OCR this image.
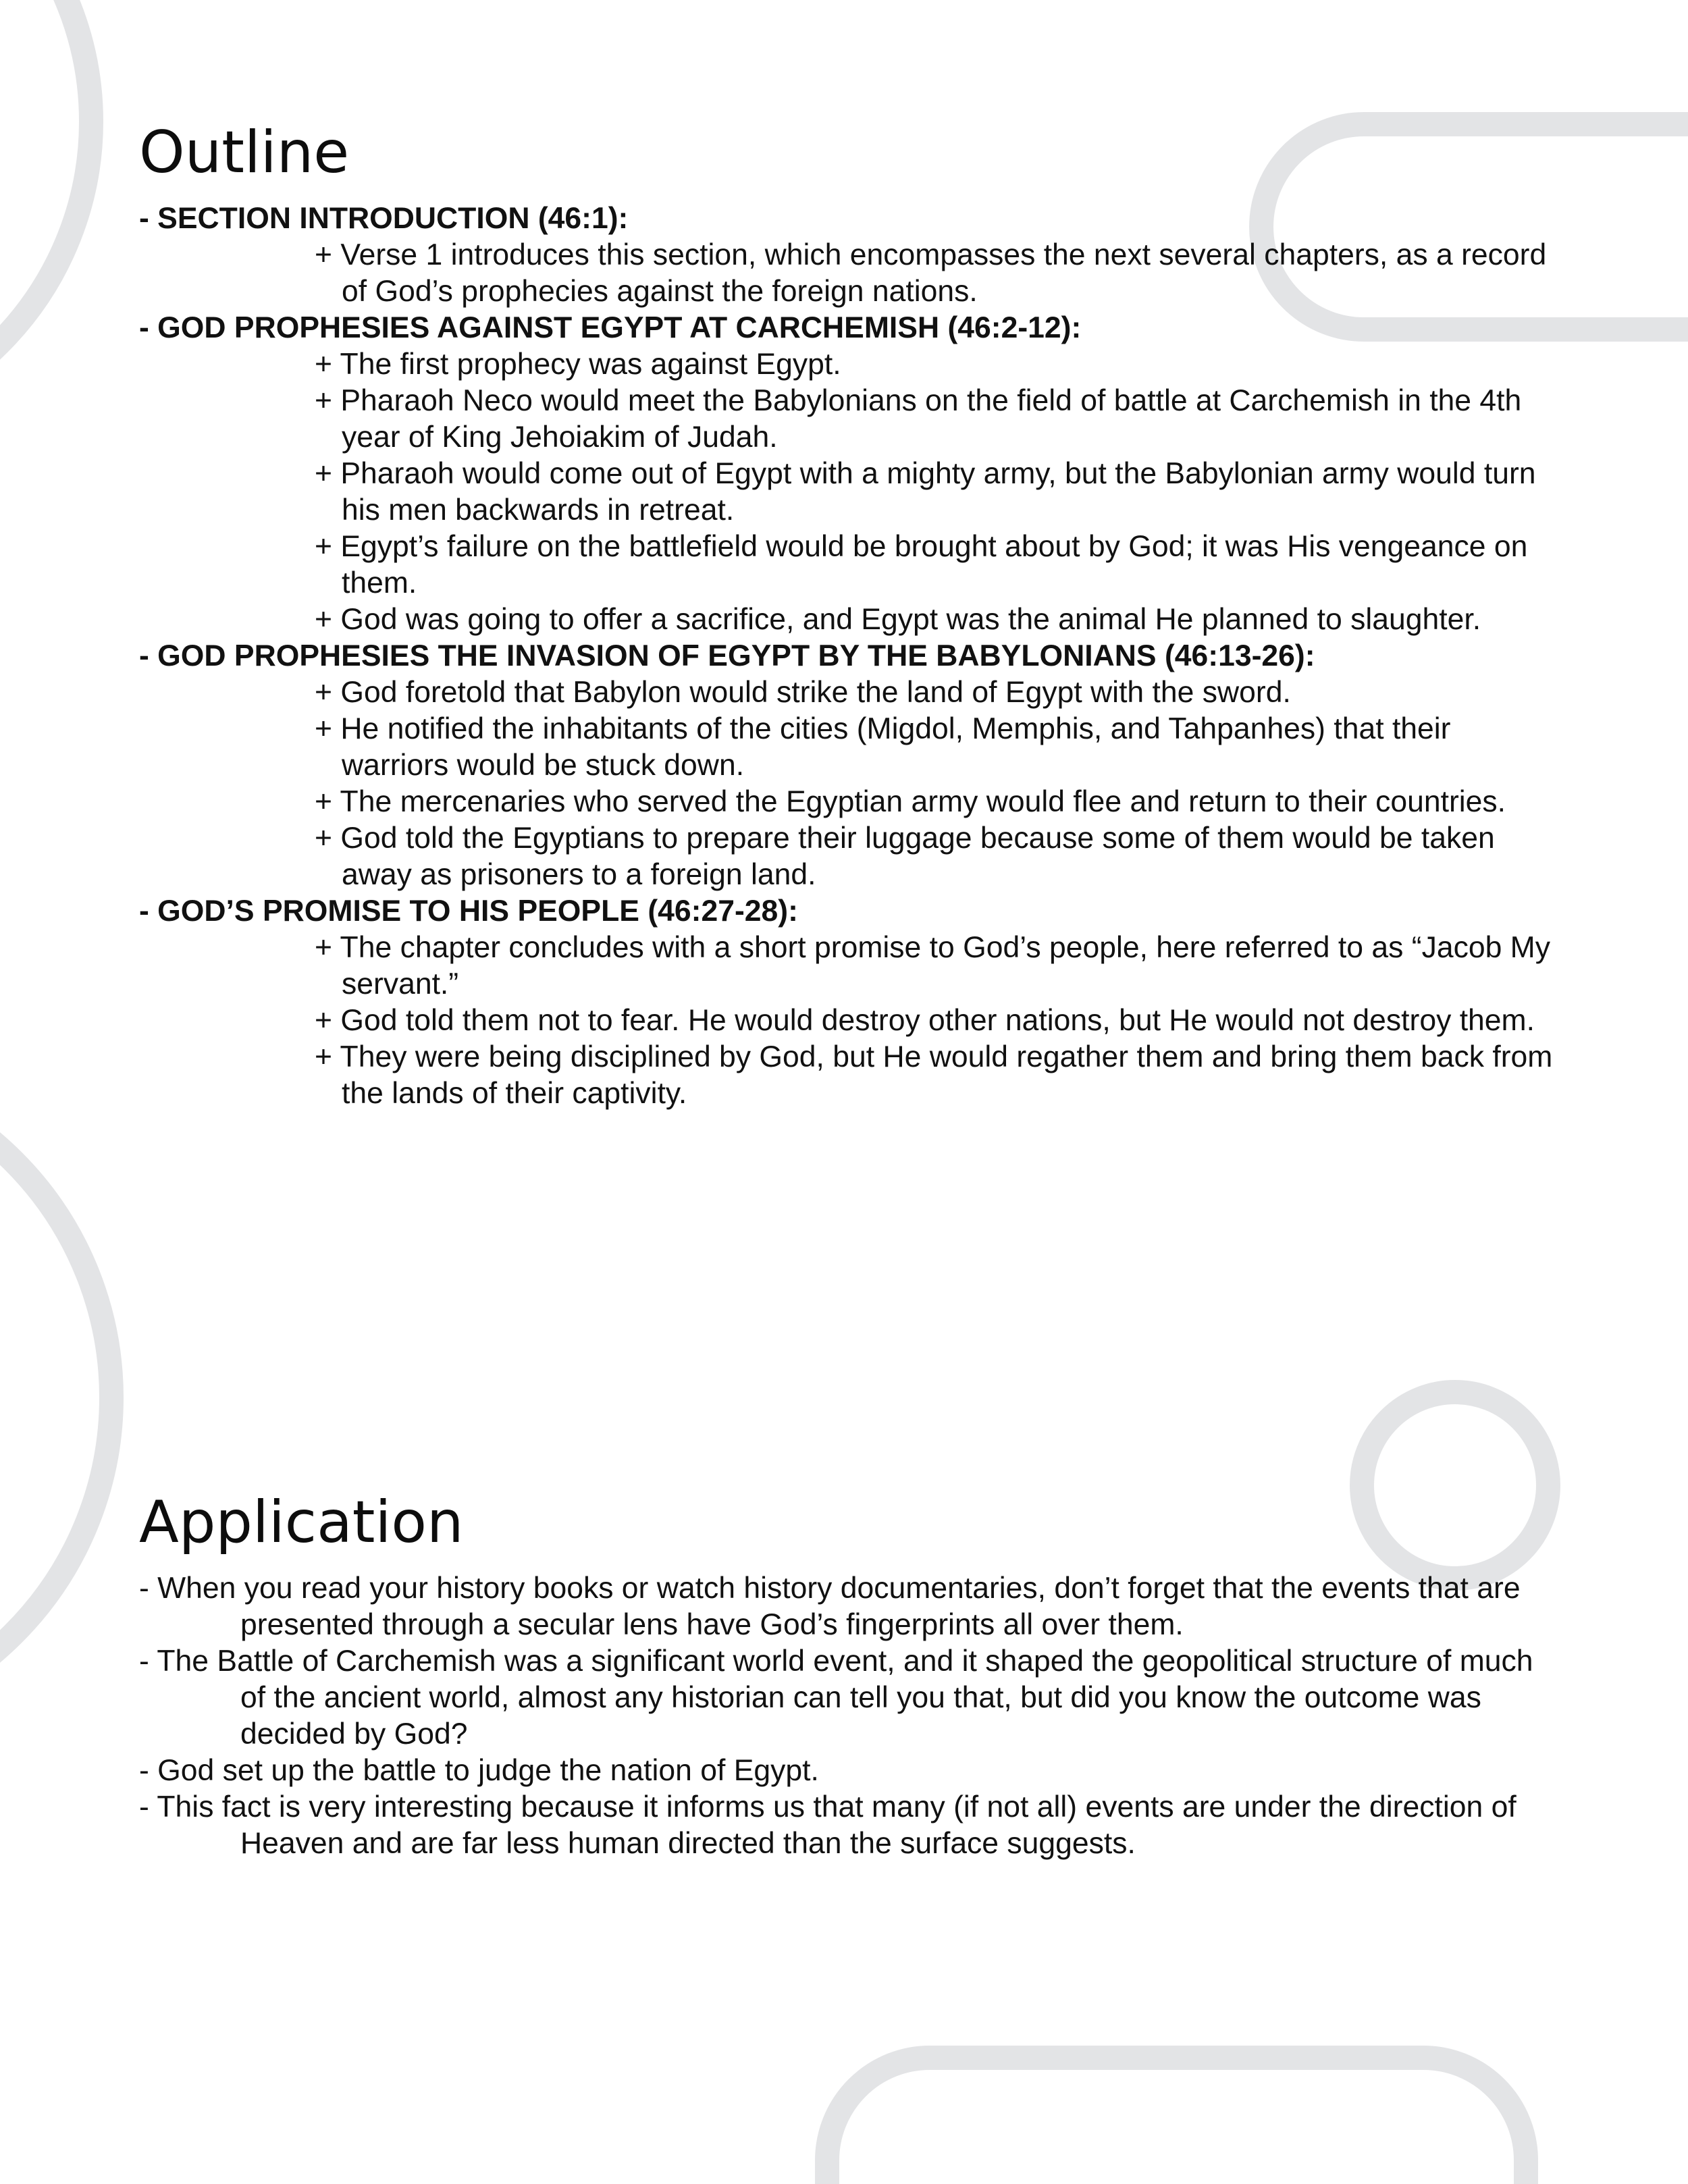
Outline
- SECTION INTRODUCTION (46:1):
+ Verse 1 introduces this section, which encompasses the next several chapters, as a record of God’s prophecies against the foreign nations.
- GOD PROPHESIES AGAINST EGYPT AT CARCHEMISH (46:2-12):
+ The first prophecy was against Egypt.
+ Pharaoh Neco would meet the Babylonians on the field of battle at Carchemish in the 4th year of King Jehoiakim of Judah.
+ Pharaoh would come out of Egypt with a mighty army, but the Babylonian army would turn his men backwards in retreat.
+ Egypt’s failure on the battlefield would be brought about by God; it was His vengeance on them.
+ God was going to offer a sacrifice, and Egypt was the animal He planned to slaughter.
- GOD PROPHESIES THE INVASION OF EGYPT BY THE BABYLONIANS (46:13-26):
+ God foretold that Babylon would strike the land of Egypt with the sword.
+ He notified the inhabitants of the cities (Migdol, Memphis, and Tahpanhes) that their warriors would be stuck down.
+ The mercenaries who served the Egyptian army would flee and return to their countries.
+ God told the Egyptians to prepare their luggage because some of them would be taken away as prisoners to a foreign land.
- GOD’S PROMISE TO HIS PEOPLE (46:27-28):
+ The chapter concludes with a short promise to God’s people, here referred to as “Jacob My servant.”
+ God told them not to fear. He would destroy other nations, but He would not destroy them.
+ They were being disciplined by God, but He would regather them and bring them back from the lands of their captivity.
Application
- When you read your history books or watch history documentaries, don’t forget that the events that are presented through a secular lens have God’s fingerprints all over them.
- The Battle of Carchemish was a significant world event, and it shaped the geopolitical structure of much of the ancient world, almost any historian can tell you that, but did you know the outcome was decided by God?
- God set up the battle to judge the nation of Egypt.
- This fact is very interesting because it informs us that many (if not all) events are under the direction of Heaven and are far less human directed than the surface suggests.
